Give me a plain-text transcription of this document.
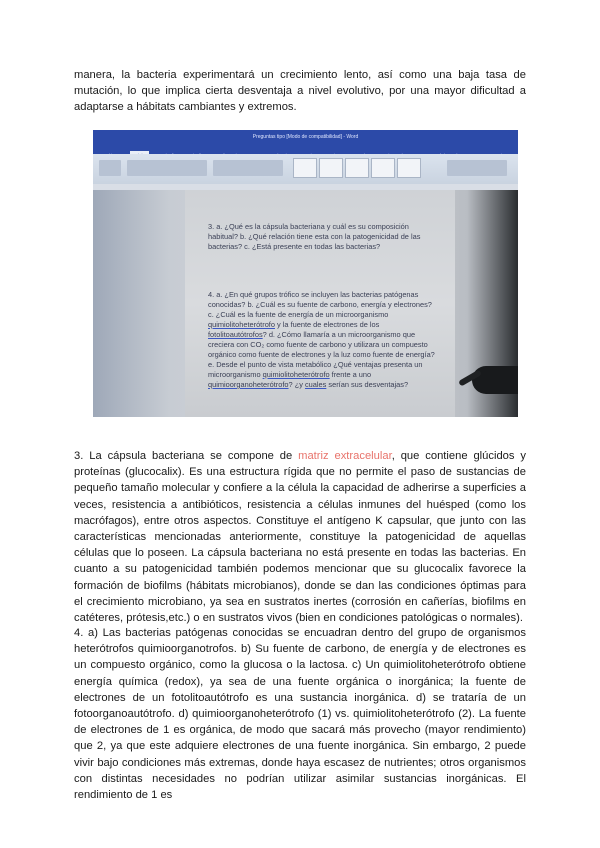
manera, la bacteria experimentará un crecimiento lento, así como una baja tasa de mutación, lo que implica cierta desventaja a nivel evolutivo, por una mayor dificultad a adaptarse a hábitats cambiantes y extremos.

Preguntas tipo [Modo de compatibilidad] - Word

3. a. ¿Qué es la cápsula bacteriana y cuál es su composición habitual? b. ¿Qué relación tiene esta con la patogenicidad de las bacterias? c. ¿Está presente en todas las bacterias?

4. a. ¿En qué grupos trófico se incluyen las bacterias patógenas conocidas? b. ¿Cuál es su fuente de carbono, energía y electrones? c. ¿Cuál es la fuente de energía de un microorganismo quimiolitoheterótrofo y la fuente de electrones de los fotolitoautótrofos? d. ¿Cómo llamaría a un microorganismo que creciera con CO₂ como fuente de carbono y utilizara un compuesto orgánico como fuente de electrones y la luz como fuente de energía? e. Desde el punto de vista metabólico ¿Qué ventajas presenta un microorganismo quimiolitoheterótrofo frente a uno quimioorganoheterótrofo? ¿y cuales serían sus desventajas?

3. La cápsula bacteriana se compone de matriz extracelular, que contiene glúcidos y proteínas (glucocalix). Es una estructura rígida que no permite el paso de sustancias de pequeño tamaño molecular y confiere a la célula la capacidad de adherirse a superficies a veces, resistencia a antibióticos, resistencia a células inmunes del huésped (como los macrófagos), entre otros aspectos. Constituye el antígeno K capsular, que junto con las características mencionadas anteriormente, constituye la patogenicidad de aquellas células que lo poseen. La cápsula bacteriana no está presente en todas las bacterias. En cuanto a su patogenicidad también podemos mencionar que su glucocalix favorece la formación de biofilms (hábitats microbianos), donde se dan las condiciones óptimas para el crecimiento microbiano, ya sea en sustratos inertes (corrosión en cañerías, biofilms en catéteres, prótesis,etc.) o en sustratos vivos (bien en condiciones patológicas o normales).

4. a) Las bacterias patógenas conocidas se encuadran dentro del grupo de organismos heterótrofos quimioorganotrofos. b) Su fuente de carbono, de energía y de electrones es un compuesto orgánico, como la glucosa o la lactosa. c) Un quimiolitoheterótrofo obtiene energía química (redox), ya sea de una fuente orgánica o inorgánica; la fuente de electrones de un fotolitoautótrofo es una sustancia inorgánica. d) se trataría de un fotoorganoautótrofo. d) quimioorganoheterótrofo (1) vs. quimiolitoheterótrofo (2). La fuente de electrones de 1 es orgánica, de modo que sacará más provecho (mayor rendimiento) que 2, ya que este adquiere electrones de una fuente inorgánica. Sin embargo, 2 puede vivir bajo condiciones más extremas, donde haya escasez de nutrientes; otros organismos con distintas necesidades no podrían utilizar asimilar sustancias inorgánicas. El rendimiento de 1 es
